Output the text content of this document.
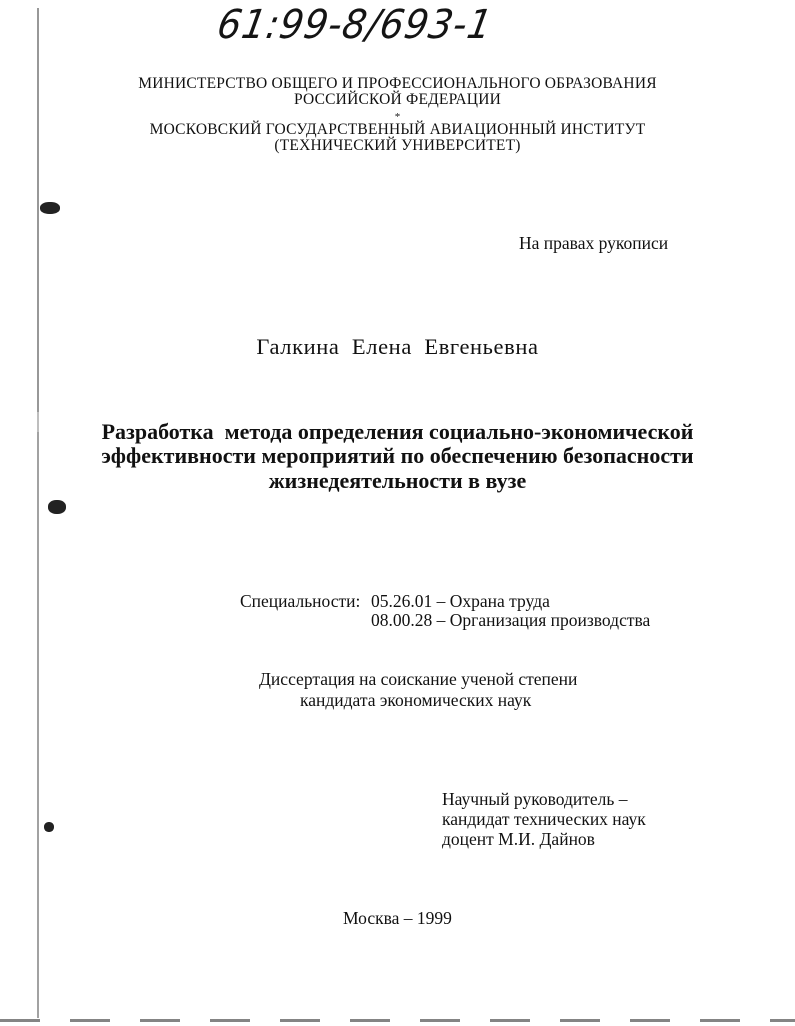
61:99-8/693-1
МИНИСТЕРСТВО ОБЩЕГО И ПРОФЕССИОНАЛЬНОГО ОБРАЗОВАНИЯ
РОССИЙСКОЙ ФЕДЕРАЦИИ
*
МОСКОВСКИЙ ГОСУДАРСТВЕННЫЙ АВИАЦИОННЫЙ ИНСТИТУТ
(ТЕХНИЧЕСКИЙ УНИВЕРСИТЕТ)
На правах рукописи
Галкина  Елена  Евгеньевна
Разработка  метода определения социально-экономической
эффективности мероприятий по обеспечению безопасности
жизнедеятельности в вузе
Специальности: 05.26.01 – Охрана труда
08.00.28 – Организация производства
Диссертация на соискание ученой степени
кандидата экономических наук
Научный руководитель –
кандидат технических наук
доцент М.И. Дайнов
Москва – 1999
